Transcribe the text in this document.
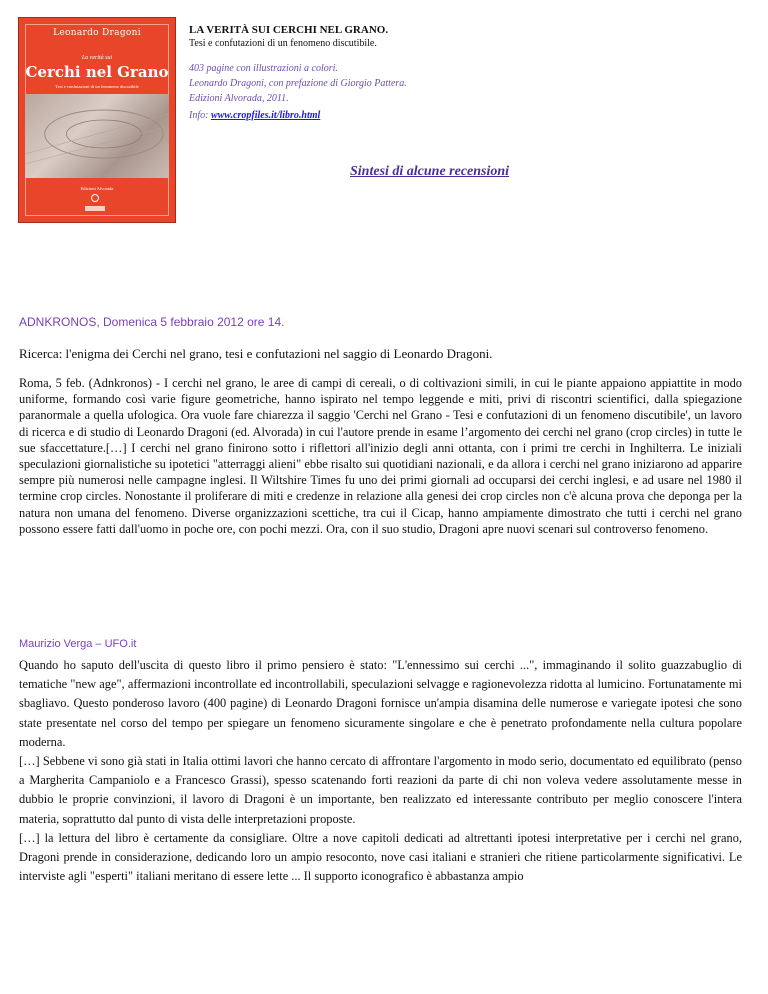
Leonardo Dragoni
La verità sui
Cerchi nel Grano
Tesi e confutazioni di un fenomeno discutibile
Edizioni Alvorada

LA VERITÀ SUI CERCHI NEL GRANO.

Tesi e confutazioni di un fenomeno discutibile.

403 pagine con illustrazioni a colori.
Leonardo Dragoni, con prefazione di Giorgio Pattera.
Edizioni Alvorada, 2011.
Info: www.cropfiles.it/libro.html
Sintesi di alcune recensioni
ADNKRONOS, Domenica 5 febbraio 2012 ore 14.
Ricerca: l'enigma dei Cerchi nel grano, tesi e confutazioni nel saggio di Leonardo Dragoni.

Roma, 5 feb. (Adnkronos) - I cerchi nel grano, le aree di campi di cereali, o di coltivazioni simili, in cui le piante appaiono appiattite in modo uniforme, formando così varie figure geometriche, hanno ispirato nel tempo leggende e miti, privi di riscontri scientifici, dalla spiegazione paranormale a quella ufologica. Ora vuole fare chiarezza il saggio 'Cerchi nel Grano - Tesi e confutazioni di un fenomeno discutibile', un lavoro di ricerca e di studio di Leonardo Dragoni (ed. Alvorada) in cui l'autore prende in esame l’argomento dei cerchi nel grano (crop circles) in tutte le sue sfaccettature.[…] I cerchi nel grano finirono sotto i riflettori all'inizio degli anni ottanta, con i primi tre cerchi in Inghilterra. Le iniziali speculazioni giornalistiche su ipotetici "atterraggi alieni" ebbe risalto sui quotidiani nazionali, e da allora i cerchi nel grano iniziarono ad apparire sempre più numerosi nelle campagne inglesi. Il Wiltshire Times fu uno dei primi giornali ad occuparsi dei cerchi inglesi, e ad usare nel 1980 il termine crop circles. Nonostante il proliferare di miti e credenze in relazione alla genesi dei crop circles non c'è alcuna prova che deponga per la natura non umana del fenomeno. Diverse organizzazioni scettiche, tra cui il Cicap, hanno ampiamente dimostrato che tutti i cerchi nel grano possono essere fatti dall'uomo in poche ore, con pochi mezzi. Ora, con il suo studio, Dragoni apre nuovi scenari sul controverso fenomeno.

Maurizio Verga – UFO.it

Quando ho saputo dell'uscita di questo libro il primo pensiero è stato: "L'ennessimo sui cerchi ...", immaginando il solito guazzabuglio di tematiche "new age", affermazioni incontrollate ed incontrollabili, speculazioni selvagge e ragionevolezza ridotta al lumicino. Fortunatamente mi sbagliavo. Questo ponderoso lavoro (400 pagine) di Leonardo Dragoni fornisce un'ampia disamina delle numerose e variegate ipotesi che sono state presentate nel corso del tempo per spiegare un fenomeno sicuramente singolare e che è penetrato profondamente nella cultura popolare moderna.

[…] Sebbene vi sono già stati in Italia ottimi lavori che hanno cercato di affrontare l'argomento in modo serio, documentato ed equilibrato (penso a Margherita Campaniolo e a Francesco Grassi), spesso scatenando forti reazioni da parte di chi non voleva vedere assolutamente messe in dubbio le proprie convinzioni, il lavoro di Dragoni è un importante, ben realizzato ed interessante contributo per meglio conoscere l'intera materia, soprattutto dal punto di vista delle interpretazioni proposte.

[…] la lettura del libro è certamente da consigliare. Oltre a nove capitoli dedicati ad altrettanti ipotesi interpretative per i cerchi nel grano, Dragoni prende in considerazione, dedicando loro un ampio resoconto, nove casi italiani e stranieri che ritiene particolarmente significativi. Le interviste agli "esperti" italiani meritano di essere lette ... Il supporto iconografico è abbastanza ampio
